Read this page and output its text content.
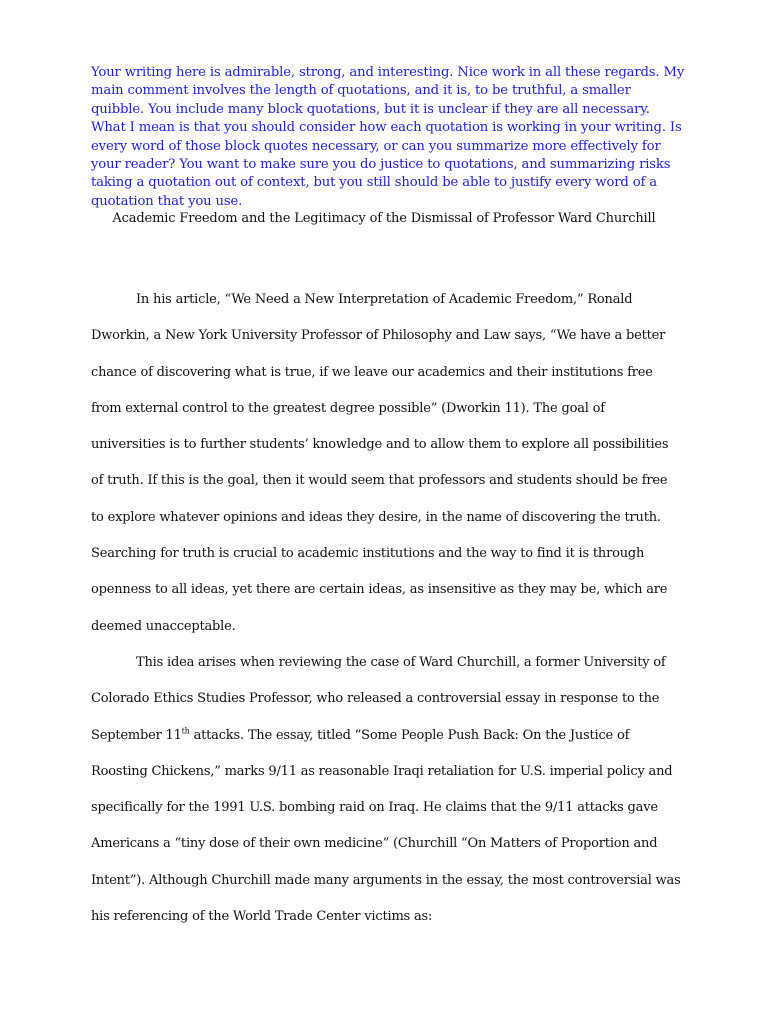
Your writing here is admirable, strong, and interesting. Nice work in all these regards. My main comment involves the length of quotations, and it is, to be truthful, a smaller quibble. You include many block quotations, but it is unclear if they are all necessary. What I mean is that you should consider how each quotation is working in your writing. Is every word of those block quotes necessary, or can you summarize more effectively for your reader? You want to make sure you do justice to quotations, and summarizing risks taking a quotation out of context, but you still should be able to justify every word of a quotation that you use.

Academic Freedom and the Legitimacy of the Dismissal of Professor Ward Churchill

In his article, “We Need a New Interpretation of Academic Freedom,” Ronald Dworkin, a New York University Professor of Philosophy and Law says, “We have a better chance of discovering what is true, if we leave our academics and their institutions free from external control to the greatest degree possible” (Dworkin 11). The goal of universities is to further students’ knowledge and to allow them to explore all possibilities of truth. If this is the goal, then it would seem that professors and students should be free to explore whatever opinions and ideas they desire, in the name of discovering the truth. Searching for truth is crucial to academic institutions and the way to find it is through openness to all ideas, yet there are certain ideas, as insensitive as they may be, which are deemed unacceptable.

This idea arises when reviewing the case of Ward Churchill, a former University of Colorado Ethics Studies Professor, who released a controversial essay in response to the September 11th attacks. The essay, titled “Some People Push Back: On the Justice of Roosting Chickens,” marks 9/11 as reasonable Iraqi retaliation for U.S. imperial policy and specifically for the 1991 U.S. bombing raid on Iraq. He claims that the 9/11 attacks gave Americans a “tiny dose of their own medicine” (Churchill “On Matters of Proportion and Intent”). Although Churchill made many arguments in the essay, the most controversial was his referencing of the World Trade Center victims as:
